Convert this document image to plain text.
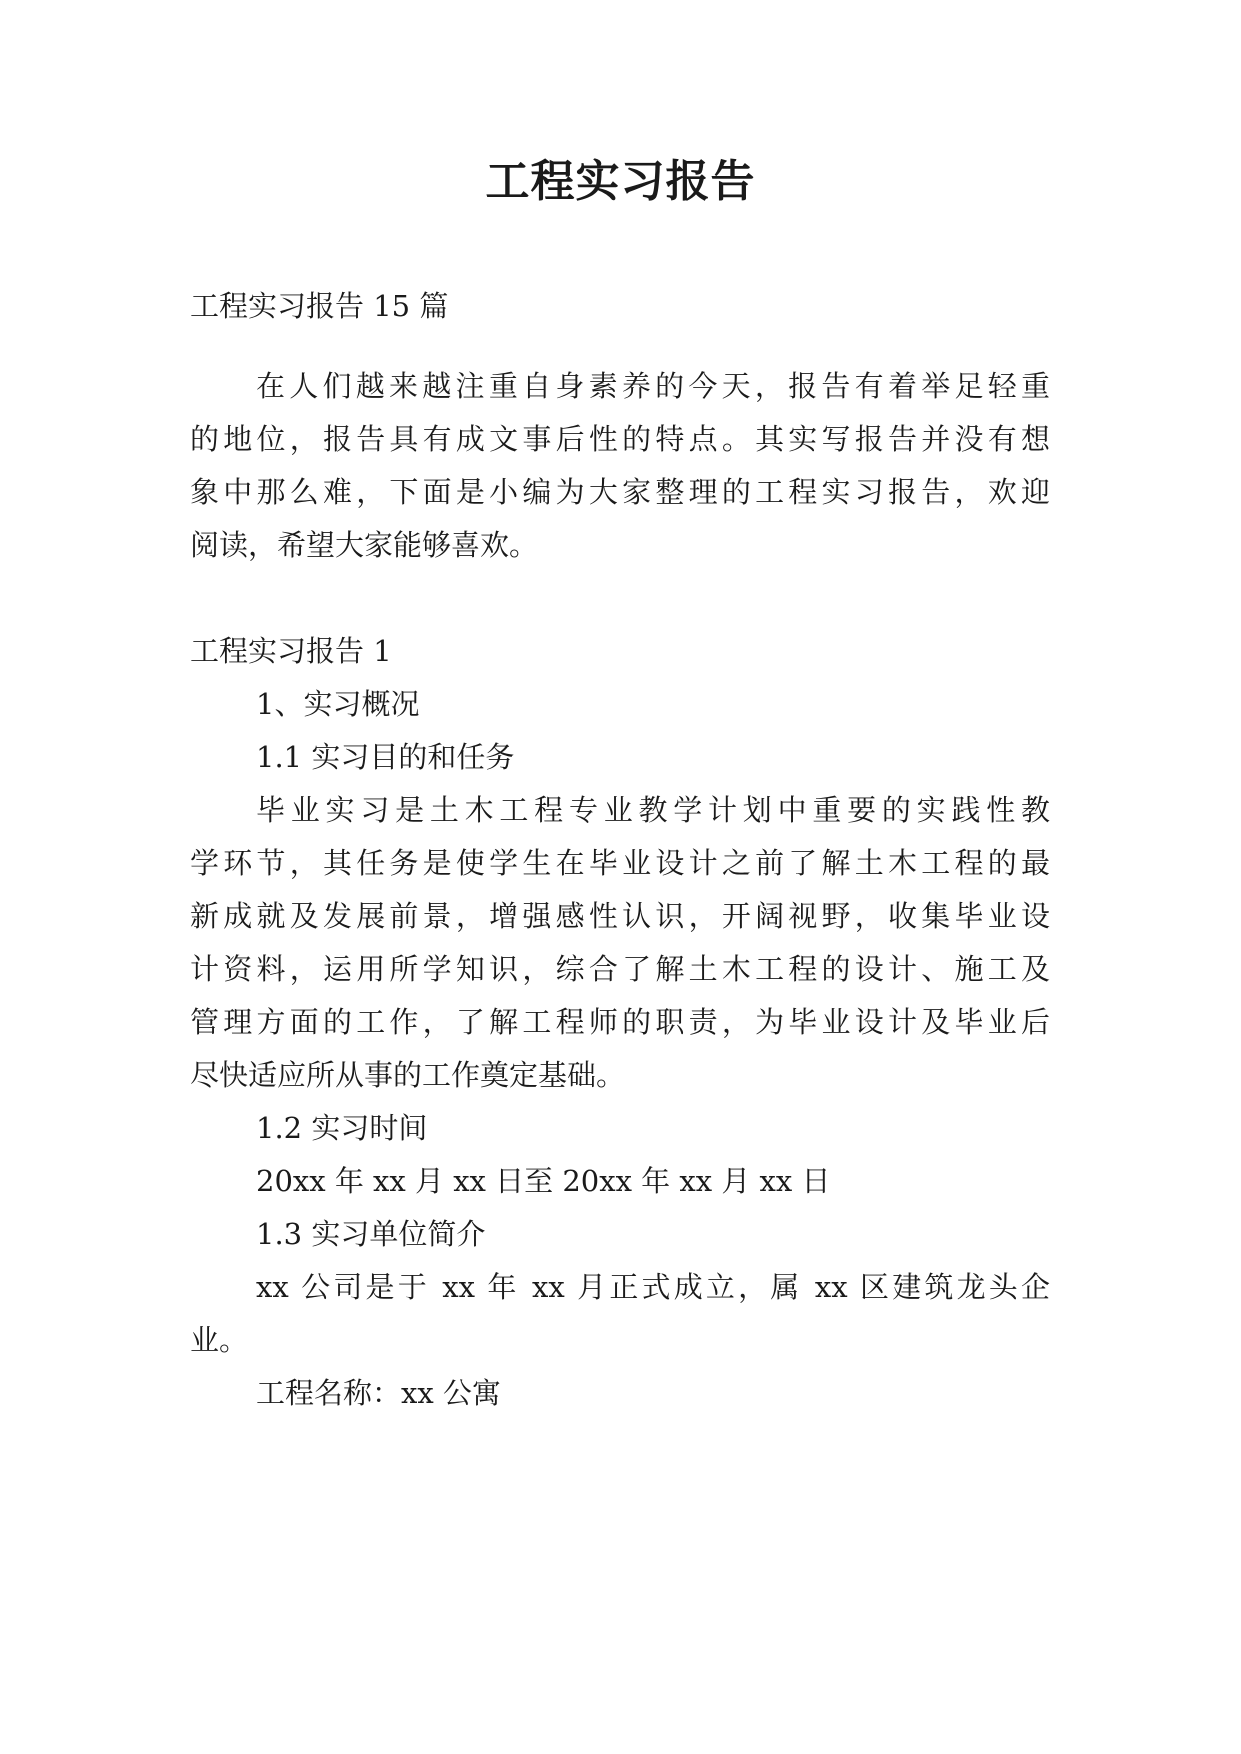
工程实习报告

工程实习报告 15 篇

在人们越来越注重自身素养的今天，报告有着举足轻重

的地位，报告具有成文事后性的特点。其实写报告并没有想

象中那么难，下面是小编为大家整理的工程实习报告，欢迎

阅读，希望大家能够喜欢。

工程实习报告 1

1、实习概况

1.1 实习目的和任务

毕业实习是土木工程专业教学计划中重要的实践性教

学环节，其任务是使学生在毕业设计之前了解土木工程的最

新成就及发展前景，增强感性认识，开阔视野，收集毕业设

计资料，运用所学知识，综合了解土木工程的设计、施工及

管理方面的工作，了解工程师的职责，为毕业设计及毕业后

尽快适应所从事的工作奠定基础。

1.2 实习时间

20xx 年 xx 月 xx 日至 20xx 年 xx 月 xx 日

1.3 实习单位简介

xx 公司是于 xx 年 xx 月正式成立，属 xx 区建筑龙头企

业。

工程名称：xx 公寓
